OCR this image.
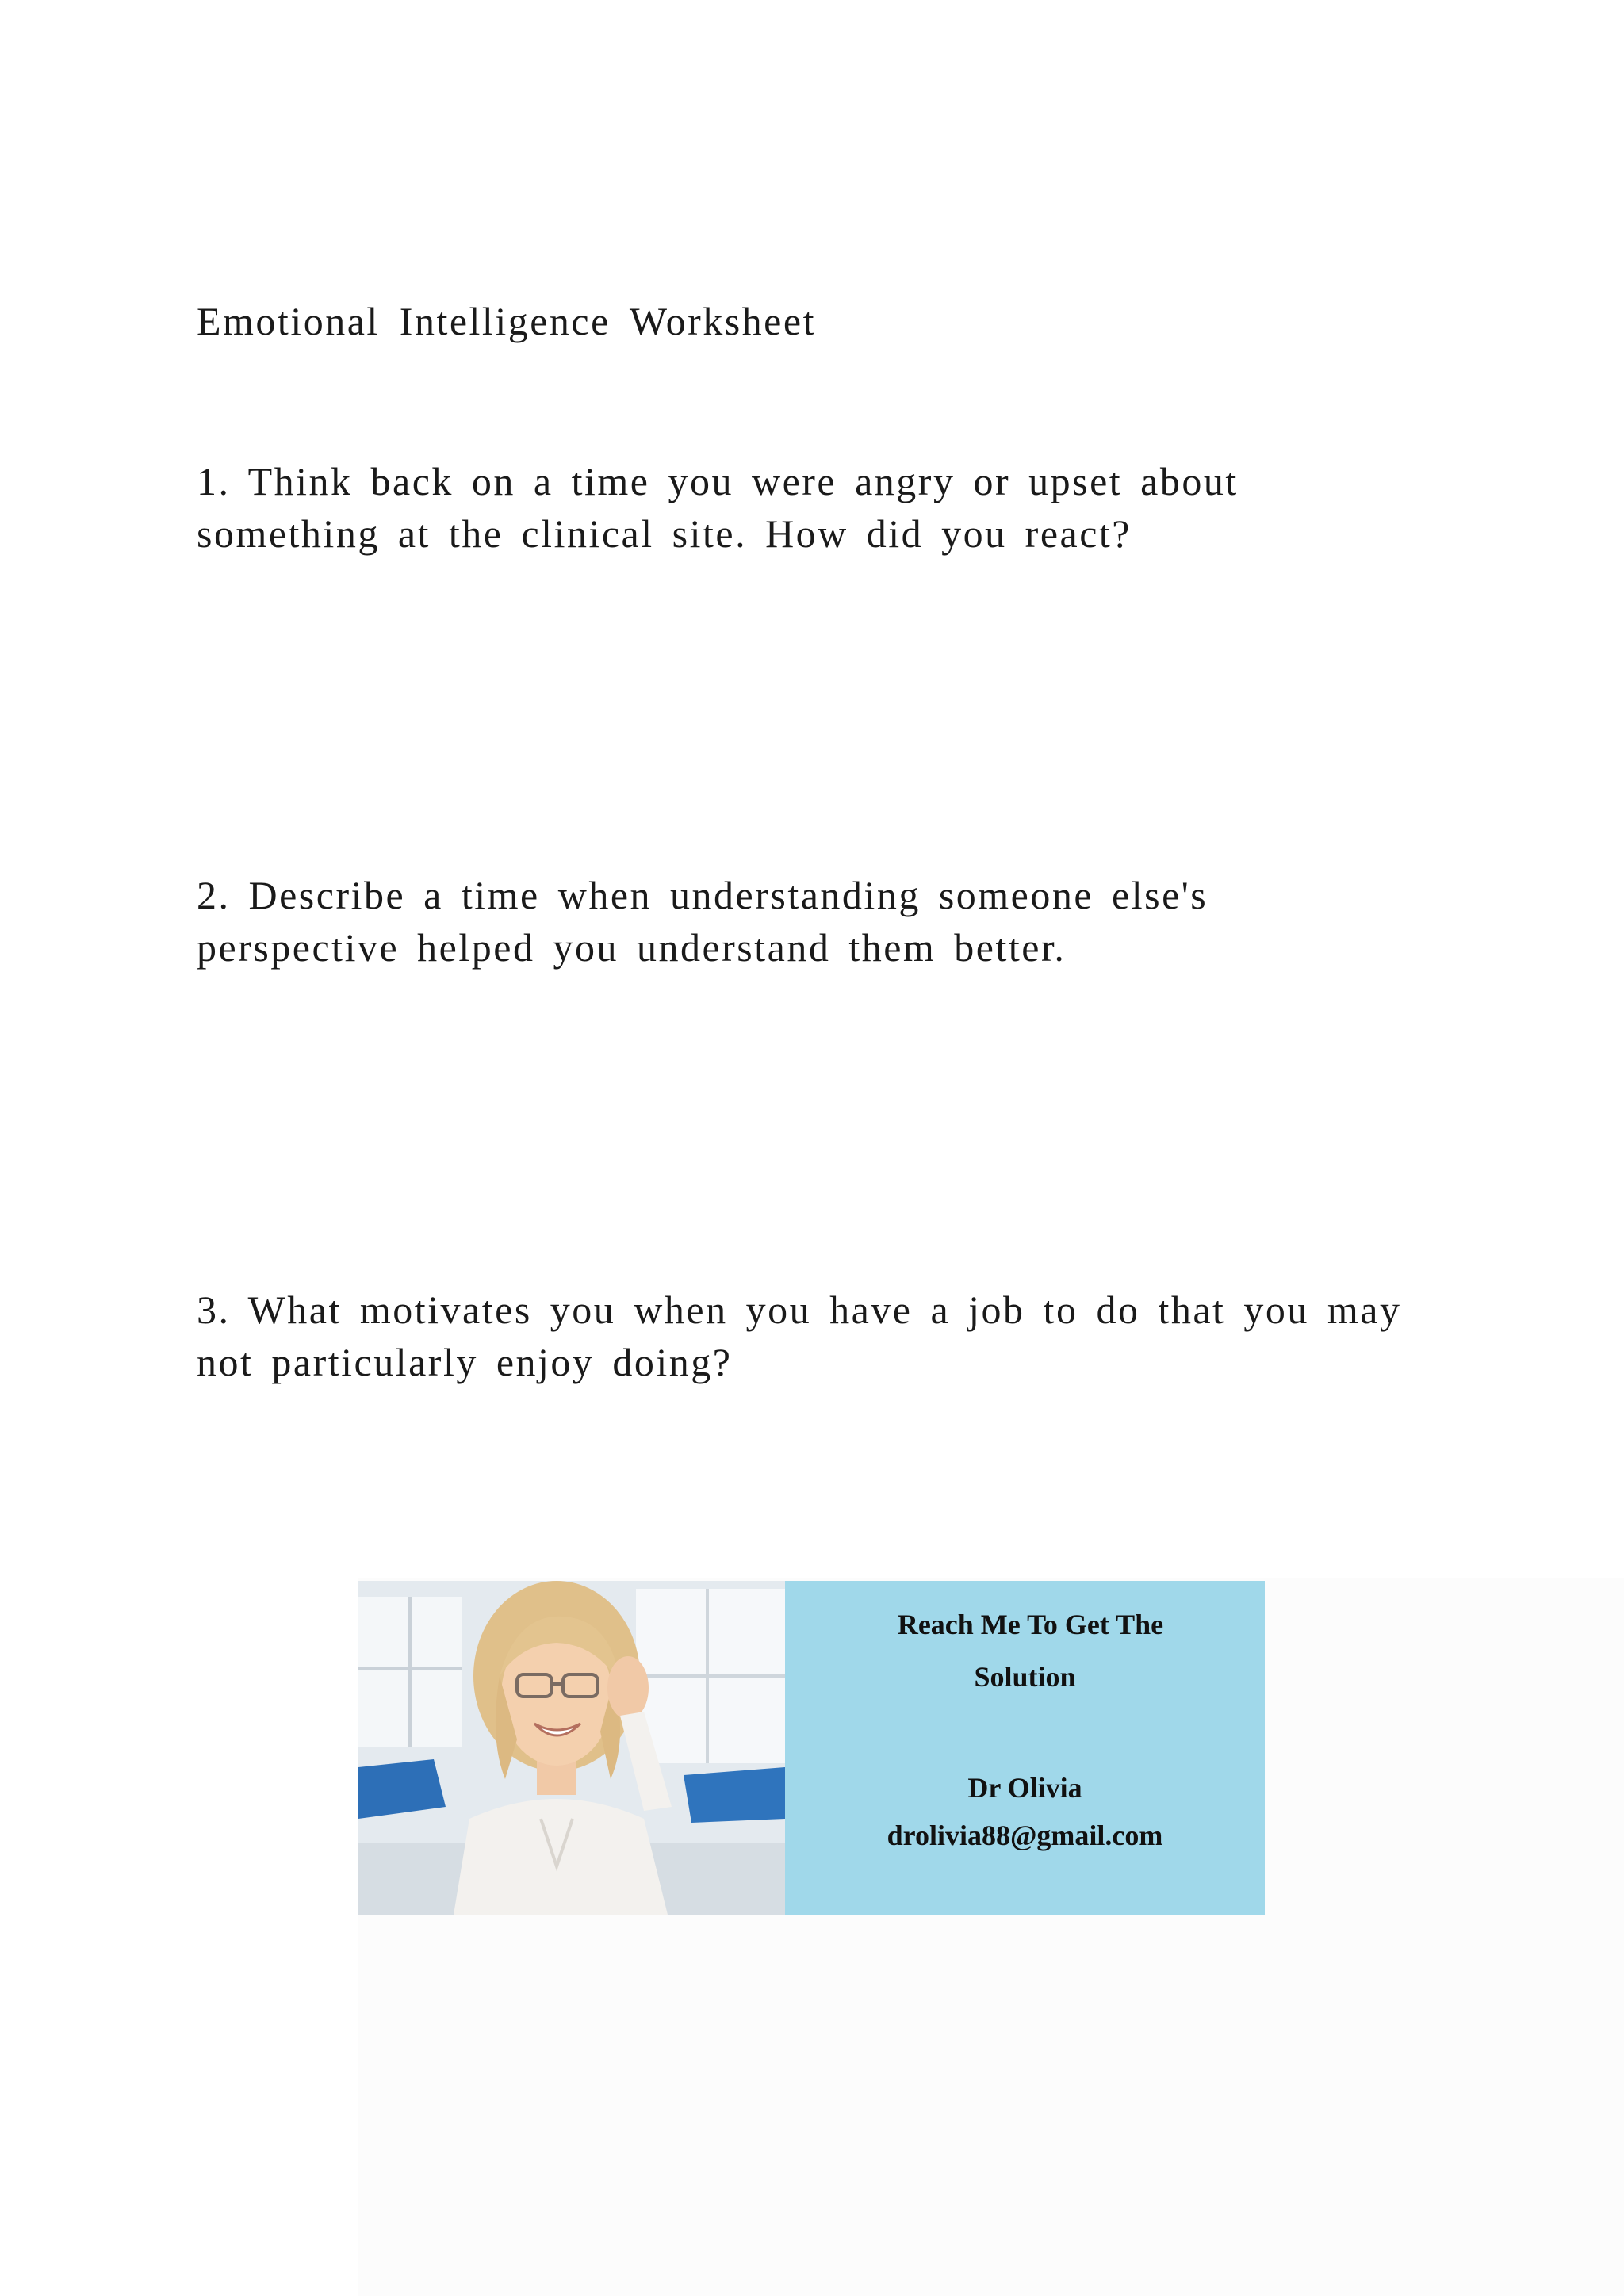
Emotional Intelligence Worksheet
1. Think back on a time you were angry or upset about
something at the clinical site. How did you react?
2. Describe a time when understanding someone else's
perspective helped you understand them better.
3. What motivates you when you have a job to do that you may
not particularly enjoy doing?
Reach Me To Get The
Solution
Dr Olivia
drolivia88@gmail.com
